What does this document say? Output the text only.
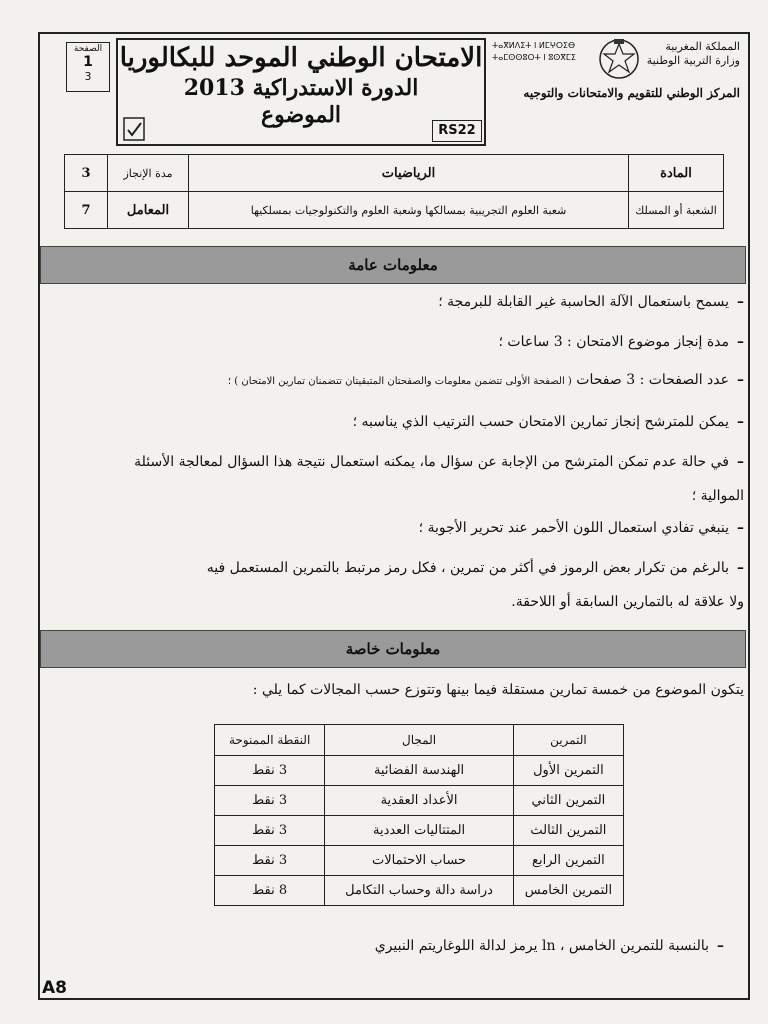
الصفحة
1
3
الامتحان الوطني الموحد للبكالوريا
الدورة الاستدراكية 2013
الموضوع
RS22
ⵜⴰⴳⵍⴷⵉⵜ ⵏ ⵍⵎⵖⵔⵉⴱ ⵜⴰⵎⵙⵙⵓⵔⵜ ⵏ ⵓⵙⴳⵎⵉ
المملكة المغربية
وزارة التربية الوطنية
المركز الوطني للتقويم والامتحانات والتوجيه
3	مدة الإنجاز	الرياضيات	المادة
7	المعامل	شعبة العلوم التجريبية بمسالكها وشعبة العلوم والتكنولوجيات بمسلكيها	الشعبة أو المسلك
معلومات عامة
–يسمح باستعمال الآلة الحاسبة غير القابلة للبرمجة ؛
–مدة إنجاز موضوع الامتحان : 3 ساعات ؛
–عدد الصفحات : 3 صفحات ( الصفحة الأولى تتضمن معلومات والصفحتان المتبقيتان تتضمنان تمارين الامتحان ) ؛
–يمكن للمترشح إنجاز تمارين الامتحان حسب الترتيب الذي يناسبه ؛
–في حالة عدم تمكن المترشح من الإجابة عن سؤال ما، يمكنه استعمال نتيجة هذا السؤال لمعالجة الأسئلة
الموالية ؛
–ينبغي تفادي استعمال اللون الأحمر عند تحرير الأجوبة ؛
–بالرغم من تكرار بعض الرموز في أكثر من تمرين ، فكل رمز مرتبط بالتمرين المستعمل فيه
ولا علاقة له بالتمارين السابقة أو اللاحقة.
معلومات خاصة
يتكون الموضوع من خمسة تمارين مستقلة فيما بينها وتتوزع حسب المجالات كما يلي :
التمرين	المجال	النقطة الممنوحة
التمرين الأول	الهندسة الفضائية	3 نقط
التمرين الثاني	الأعداد العقدية	3 نقط
التمرين الثالث	المتتاليات العددية	3 نقط
التمرين الرابع	حساب الاحتمالات	3 نقط
التمرين الخامس	دراسة دالة وحساب التكامل	8 نقط
–بالنسبة للتمرين الخامس ، ln يرمز لدالة اللوغاريتم النبيري
A8
